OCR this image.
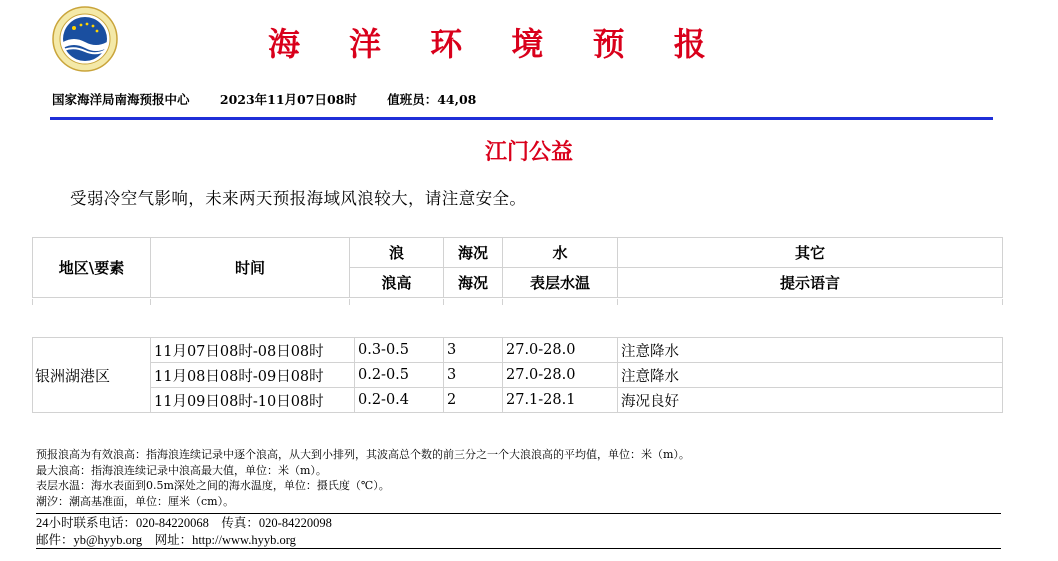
海 洋 环 境 预 报
国家海洋局南海预报中心 2023年11月07日08时 值班员：44,08
江门公益
受弱冷空气影响，未来两天预报海域风浪较大，请注意安全。
地区\要素	时间	浪	海况	水	其它
		浪高	海况	表层水温	提示语言
银洲湖港区	11月07日08时-08日08时	0.3-0.5	3	27.0-28.0	注意降水
	11月08日08时-09日08时	0.2-0.5	3	27.0-28.0	注意降水
	11月09日08时-10日08时	0.2-0.4	2	27.1-28.1	海况良好
预报浪高为有效浪高：指海浪连续记录中逐个浪高，从大到小排列，其波高总个数的前三分之一个大浪浪高的平均值，单位：米（m）。
最大浪高：指海浪连续记录中浪高最大值，单位：米（m）。
表层水温：海水表面到0.5m深处之间的海水温度，单位：摄氏度（℃）。
潮汐：潮高基准面，单位：厘米（cm）。
24小时联系电话：020-84220068    传真：020-84220098
邮件：yb@hyyb.org    网址：http://www.hyyb.org
